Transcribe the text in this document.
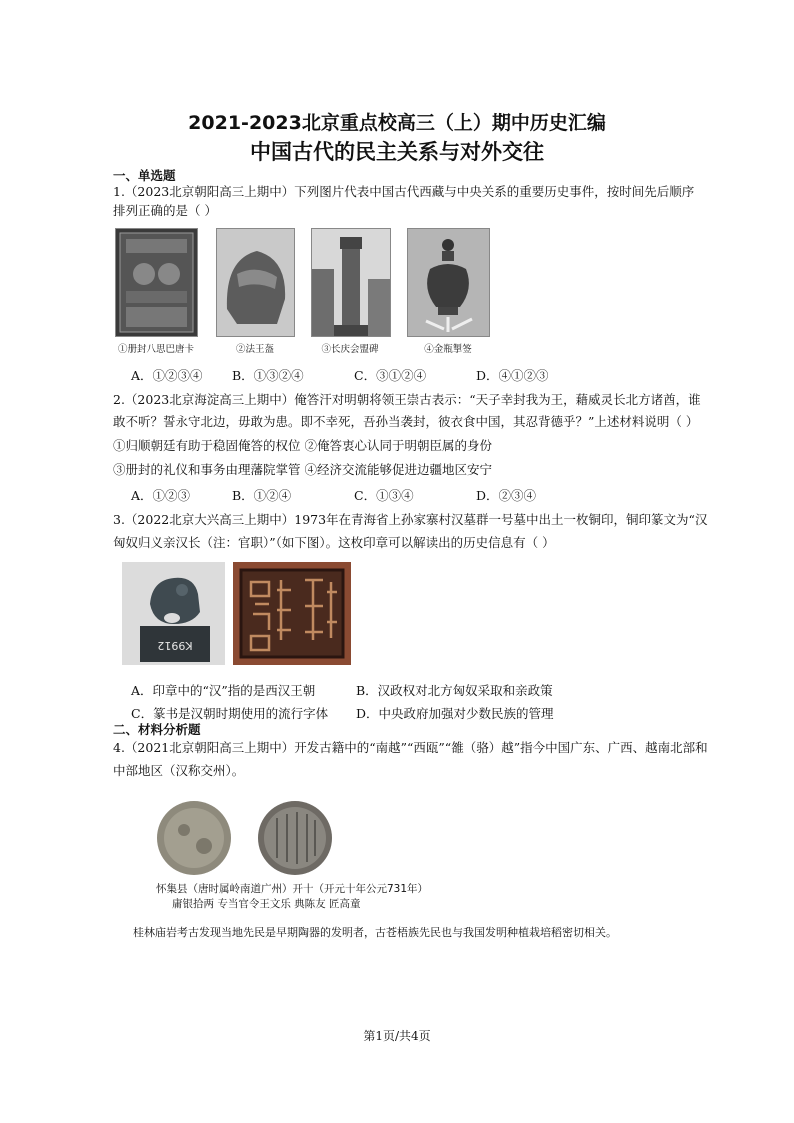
2021-2023北京重点校高三（上）期中历史汇编
中国古代的民主关系与对外交往
一、单选题
1.（2023北京朝阳高三上期中）下列图片代表中国古代西藏与中央关系的重要历史事件，按时间先后顺序
排列正确的是（ ）
①册封八思巴唐卡	②法王盔	③长庆会盟碑	④金瓶掣签
A．①②③④ B．①③②④	C．③①②④	D．④①②③
2.（2023北京海淀高三上期中）俺答汗对明朝将领王崇古表示：“天子幸封我为王，藉威灵长北方诸酋，谁
敢不听？誓永守北边，毋敢为患。即不幸死，吾孙当袭封，彼衣食中国，其忍背德乎？”上述材料说明（ ）
①归顺朝廷有助于稳固俺答的权位 ②俺答衷心认同于明朝臣属的身份
③册封的礼仪和事务由理藩院掌管 ④经济交流能够促进边疆地区安宁
A．①②③	B．①②④	C．①③④	D．②③④
3.（2022北京大兴高三上期中）1973年在青海省上孙家寨村汉墓群一号墓中出土一枚铜印，铜印篆文为“汉
匈奴归义亲汉长（注：官职）”（如下图）。这枚印章可以解读出的历史信息有（ ）
K9912
A．印章中的“汉”指的是西汉王朝	B．汉政权对北方匈奴采取和亲政策
C．篆书是汉朝时期使用的流行字体 D．中央政府加强对少数民族的管理
二、材料分析题
4.（2021北京朝阳高三上期中）开发古籍中的“南越”“西瓯”“雒（骆）越”指今中国广东、广西、越南北部和
中部地区（汉称交州）。
怀集县（唐时属岭南道广州）开十（开元十年公元731年）
庸银拾两 专当官令王文乐 典陈友 匠高童
桂林庙岩考古发现当地先民是早期陶器的发明者，古苍梧族先民也与我国发明种植栽培稻密切相关。
第1页/共4页
